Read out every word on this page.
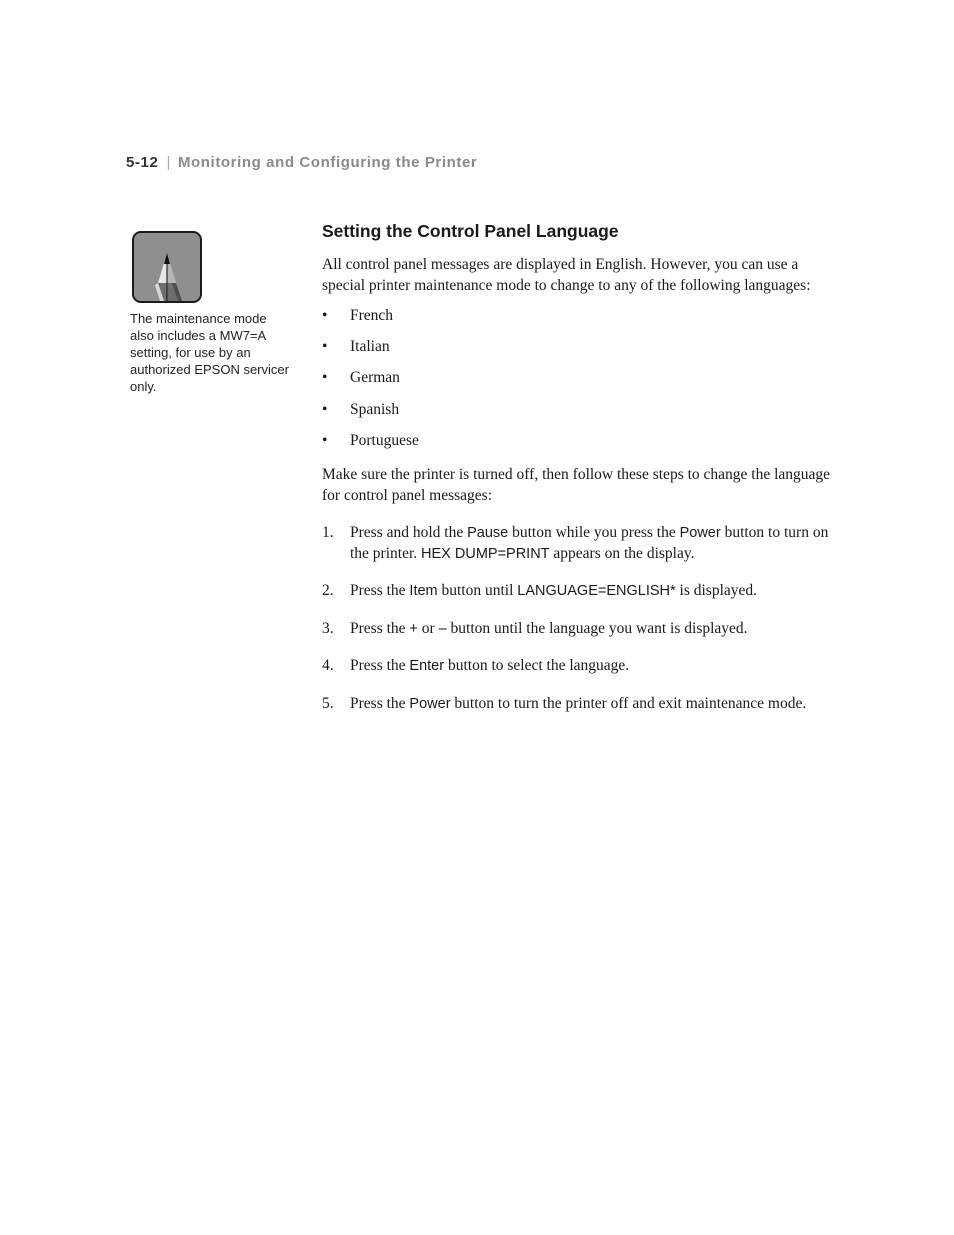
5-12 | Monitoring and Configuring the Printer
The maintenance mode also includes a MW7=A setting, for use by an authorized EPSON servicer only.
Setting the Control Panel Language

All control panel messages are displayed in English. However, you can use a special printer maintenance mode to change to any of the following languages:

• French
• Italian
• German
• Spanish
• Portuguese

Make sure the printer is turned off, then follow these steps to change the language for control panel messages:

1. Press and hold the Pause button while you press the Power button to turn on the printer. HEX DUMP=PRINT appears on the display.
2. Press the Item button until LANGUAGE=ENGLISH* is displayed.
3. Press the + or – button until the language you want is displayed.
4. Press the Enter button to select the language.
5. Press the Power button to turn the printer off and exit maintenance mode.
